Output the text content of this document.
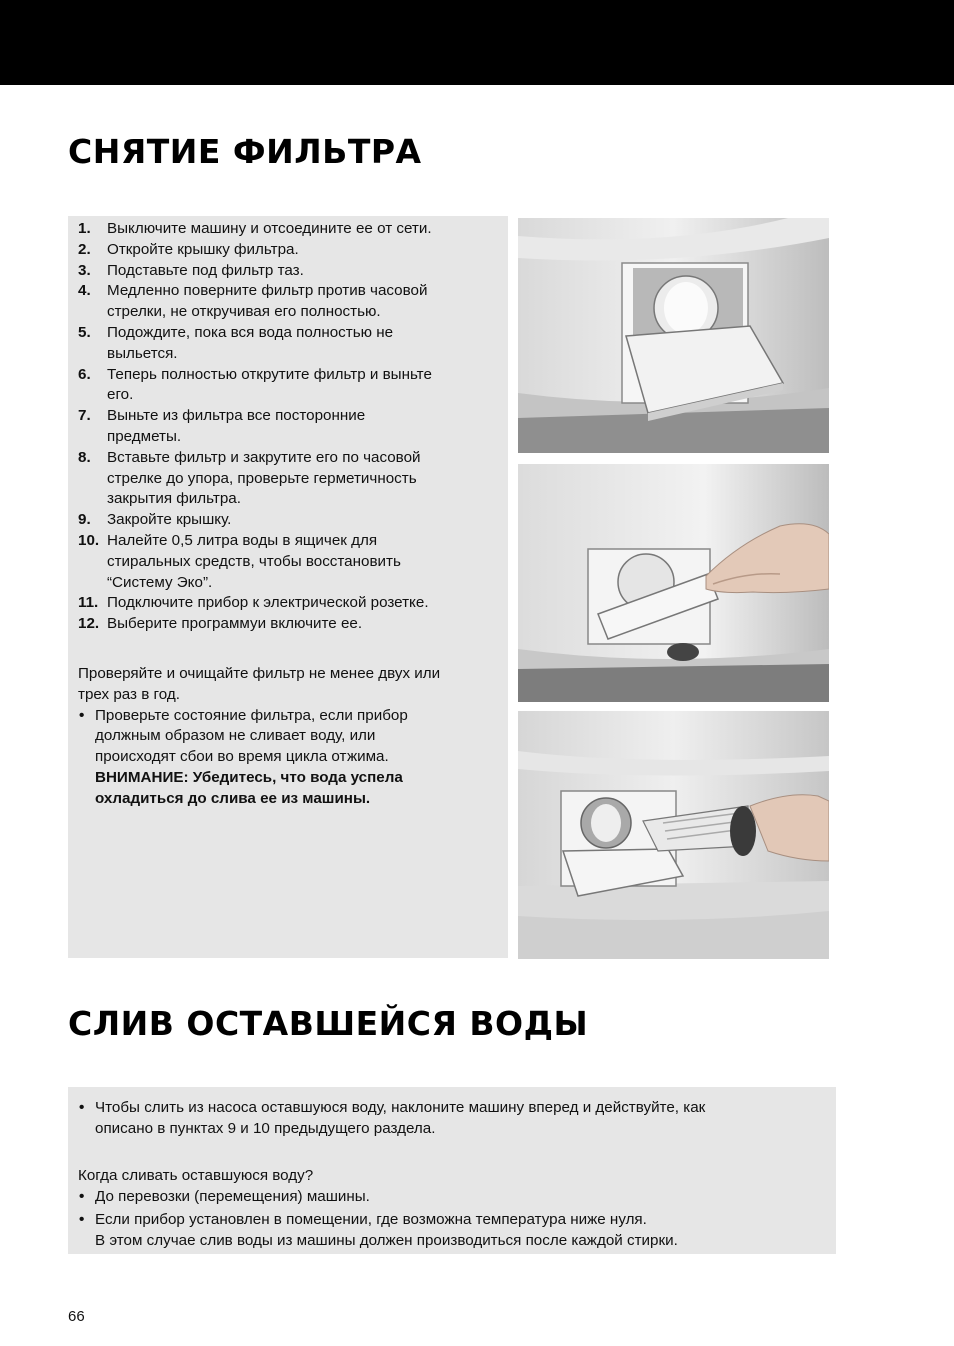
СНЯТИЕ ФИЛЬТРА
1. Выключите машину и отсоедините ее от сети.
2. Откройте крышку фильтра.
3. Подставьте под фильтр таз.
4. Медленно поверните фильтр против часовой
стрелки, не откручивая его полностью.
5. Подождите, пока вся вода полностью не
выльется.
6. Теперь полностью открутите фильтр и выньте
его.
7. Выньте из фильтра все посторонние
предметы.
8. Вставьте фильтр и закрутите его по часовой
стрелке до упора, проверьте герметичность
закрытия фильтра.
9. Закройте крышку.
10. Налейте 0,5 литра воды в ящичек для
стиральных средств, чтобы восстановить
“Систему Эко”.
11. Подключите прибор к электрической розетке.
12. Выберите программуи включите ее.

Проверяйте и очищайте фильтр не менее двух или
трех раз в год.

• Проверьте состояние фильтра, если прибор
должным образом не сливает воду, или
происходят сбои во время цикла отжима.
ВНИМАНИЕ: Убедитесь, что вода успела
охладиться до слива ее из машины.
СЛИВ ОСТАВШЕЙСЯ ВОДЫ
• Чтобы слить из насоса оставшуюся воду, наклоните машину вперед и действуйте, как
описано в пунктах 9 и 10 предыдущего раздела.

Когда сливать оставшуюся воду?

• До перевозки (перемещения) машины.
• Если прибор установлен в помещении, где возможна температура ниже нуля.
В этом случае слив воды из машины должен производиться после каждой стирки.
66
